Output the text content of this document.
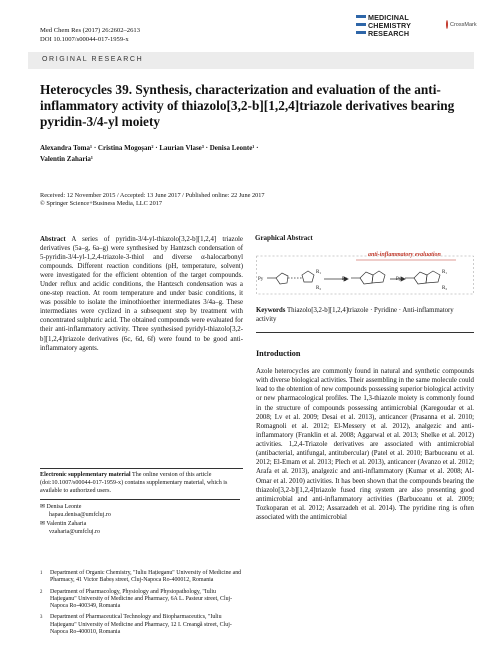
Med Chem Res (2017) 26:2602–2613
DOI 10.1007/s00044-017-1959-x
MEDICINAL
CHEMISTRY
RESEARCH
CrossMark
ORIGINAL RESEARCH
Heterocycles 39. Synthesis, characterization and evaluation of the anti-inflammatory activity of thiazolo[3,2-b][1,2,4]triazole derivatives bearing pyridin-3/4-yl moiety
Alexandra Toma¹ · Cristina Mogoșan² · Laurian Vlase³ · Denisa Leonte¹ ·
Valentin Zaharia¹
Received: 12 November 2015 / Accepted: 13 June 2017 / Published online: 22 June 2017
© Springer Science+Business Media, LLC 2017
Abstract A series of pyridin-3/4-yl-thiazolo[3,2-b][1,2,4] triazole derivatives (5a–g, 6a–g) were synthesised by Hantzsch condensation of 5-pyridin-3/4-yl-1,2,4-triazole-3-thiol and diverse α-halocarbonyl compounds. Different reaction conditions (pH, temperature, solvent) were investigated for the efficient obtention of the target compounds. Under reflux and acidic conditions, the Hantzsch condensation was a one-step reaction. At room temperature and under basic conditions, it was possible to isolate the iminothioether intermediates 3/4a–g. These intermediates were cyclized in a subsequent step by treatment with concentrated sulphuric acid. The obtained compounds were evaluated for their anti-inflammatory activity. Three synthesised pyridyl-thiazolo[3,2-b][1,2,4]triazole derivatives (6c, 6d, 6f) were found to be good anti-inflammatory agents.
Electronic supplementary material The online version of this article (doi:10.1007/s00044-017-1959-x) contains supplementary material, which is available to authorized users.
✉ Denisa Leonte
hapau.denisa@umfcluj.ro
✉ Valentin Zaharia
vzaharia@umfcluj.ro
1	Department of Organic Chemistry, "Iuliu Hațieganu" University of Medicine and Pharmacy, 41 Victor Babeș street, Cluj-Napoca Ro-400012, Romania
2	Department of Pharmacology, Physiology and Physiopathology, "Iuliu Hațieganu" University of Medicine and Pharmacy, 6A L. Pasteur street, Cluj-Napoca Ro-400349, Romania
3	Department of Pharmaceutical Technology and Biopharmaceutics, "Iuliu Hațieganu" University of Medicine and Pharmacy, 12 I. Creangă street, Cluj-Napoca Ro-400010, Romania
Graphical Abstract
anti-inflammatory evaluation
Py	Py	Py
R₁
R₂
R₁
R₂
Keywords Thiazolo[3,2-b][1,2,4]triazole · Pyridine · Anti-inflammatory activity
Introduction
Azole heterocycles are commonly found in natural and synthetic compounds with diverse biological activities. Their assembling in the same molecule could lead to the obtention of new compounds possessing superior biological activity or new pharmacological profiles. The 1,3-thiazole moiety is commonly found in the structure of compounds possessing antimicrobial (Karegoudar et al. 2008; Lv et al. 2009; Desai et al. 2013), anticancer (Prasanna et al. 2010; Romagnoli et al. 2012; El-Messery et al. 2012), analgezic and anti-inflammatory (Franklin et al. 2008; Aggarwal et al. 2013; Shelke et al. 2012) activities. 1,2,4-Triazole derivatives are associated with antimicrobial (antibacterial, antifungal, antitubercular) (Patel et al. 2010; Barbuceanu et al. 2012; El-Emam et al. 2013; Plech et al. 2013), anticancer (Avanzo et al. 2012; Arafa et al. 2013), analgezic and anti-inflammatory (Kumar et al. 2008; Al-Omar et al. 2010) activities. It has been shown that the compounds bearing the thiazolo[3,2-b][1,2,4]triazole fused ring system are also presenting good antimicrobial and anti-inflammatory activities (Barbuceanu et al. 2009; Tozkoparan et al. 2012; Assarzadeh et al. 2014). The pyridine ring is often associated with the antimicrobial
